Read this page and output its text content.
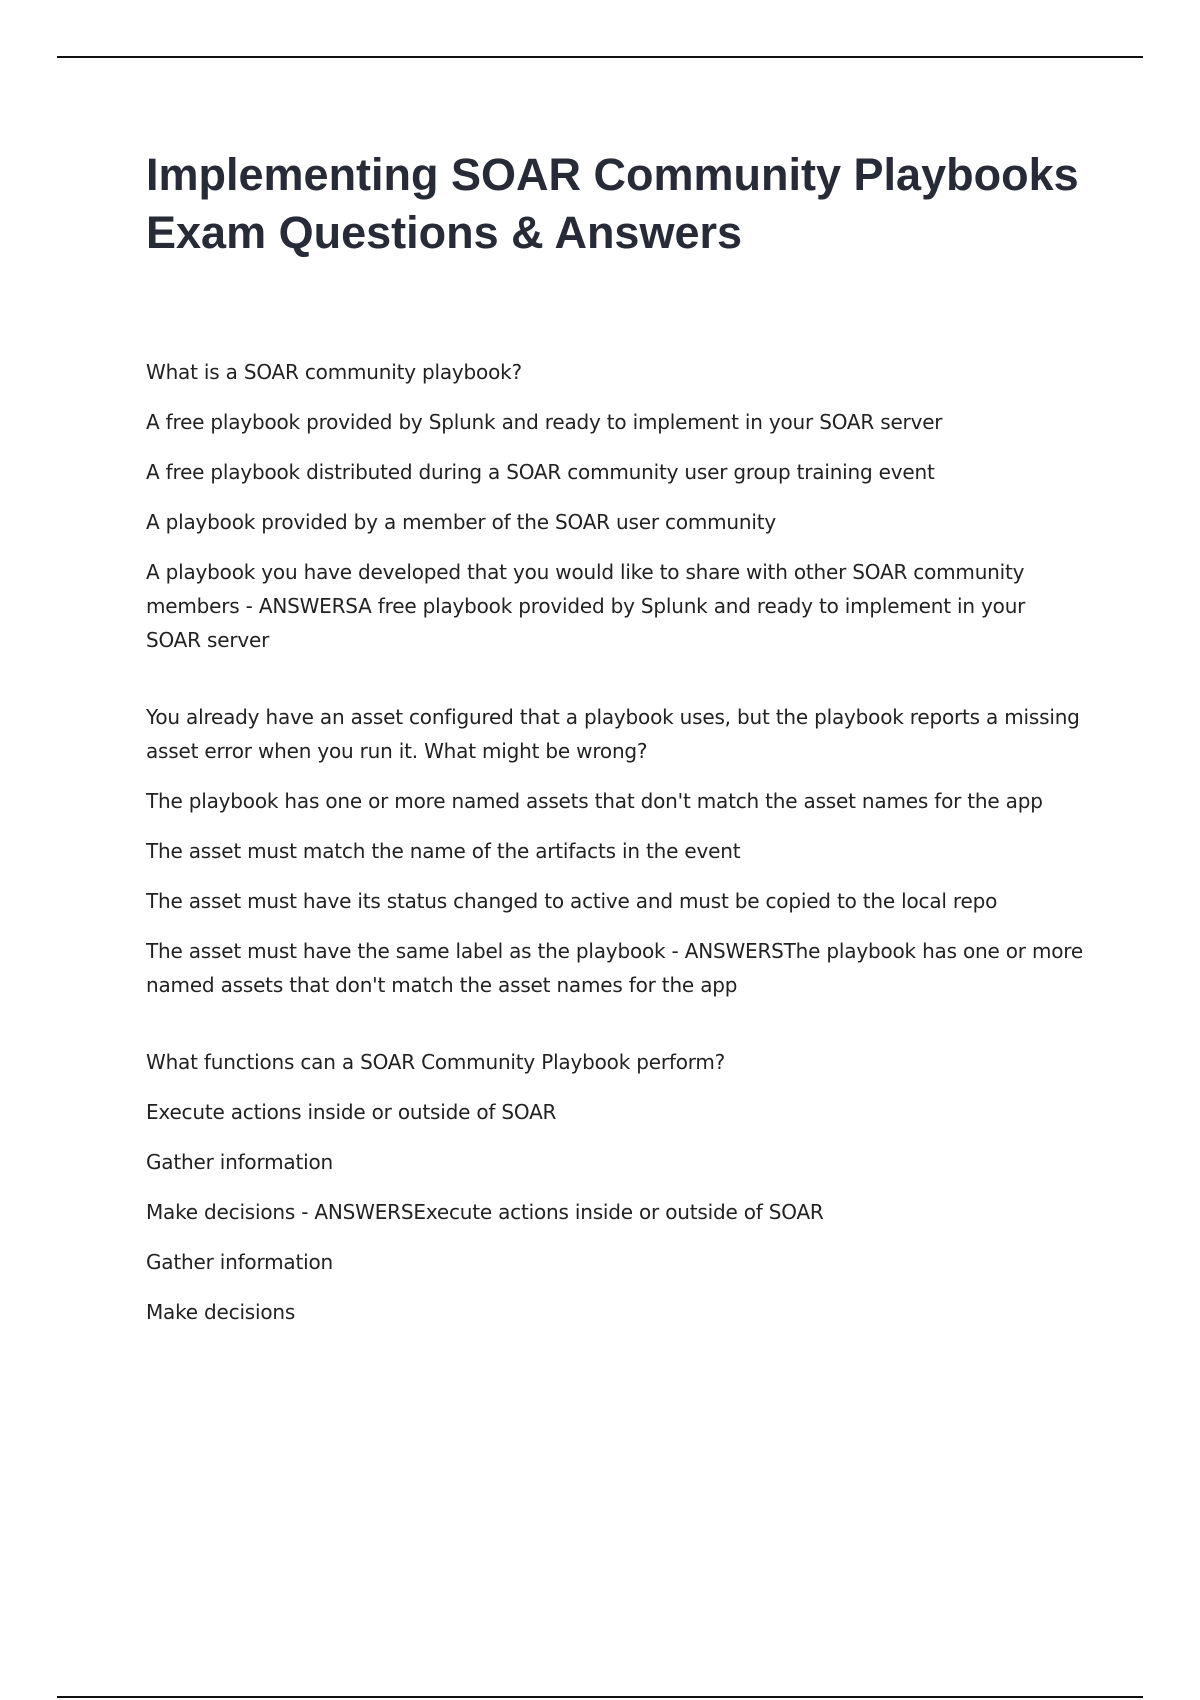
Implementing SOAR Community Playbooks Exam Questions & Answers

What is a SOAR community playbook?

A free playbook provided by Splunk and ready to implement in your SOAR server

A free playbook distributed during a SOAR community user group training event

A playbook provided by a member of the SOAR user community

A playbook you have developed that you would like to share with other SOAR community members - ANSWERSA free playbook provided by Splunk and ready to implement in your SOAR server

You already have an asset configured that a playbook uses, but the playbook reports a missing asset error when you run it. What might be wrong?

The playbook has one or more named assets that don't match the asset names for the app

The asset must match the name of the artifacts in the event

The asset must have its status changed to active and must be copied to the local repo

The asset must have the same label as the playbook - ANSWERSThe playbook has one or more named assets that don't match the asset names for the app

What functions can a SOAR Community Playbook perform?

Execute actions inside or outside of SOAR

Gather information

Make decisions - ANSWERSExecute actions inside or outside of SOAR

Gather information

Make decisions
